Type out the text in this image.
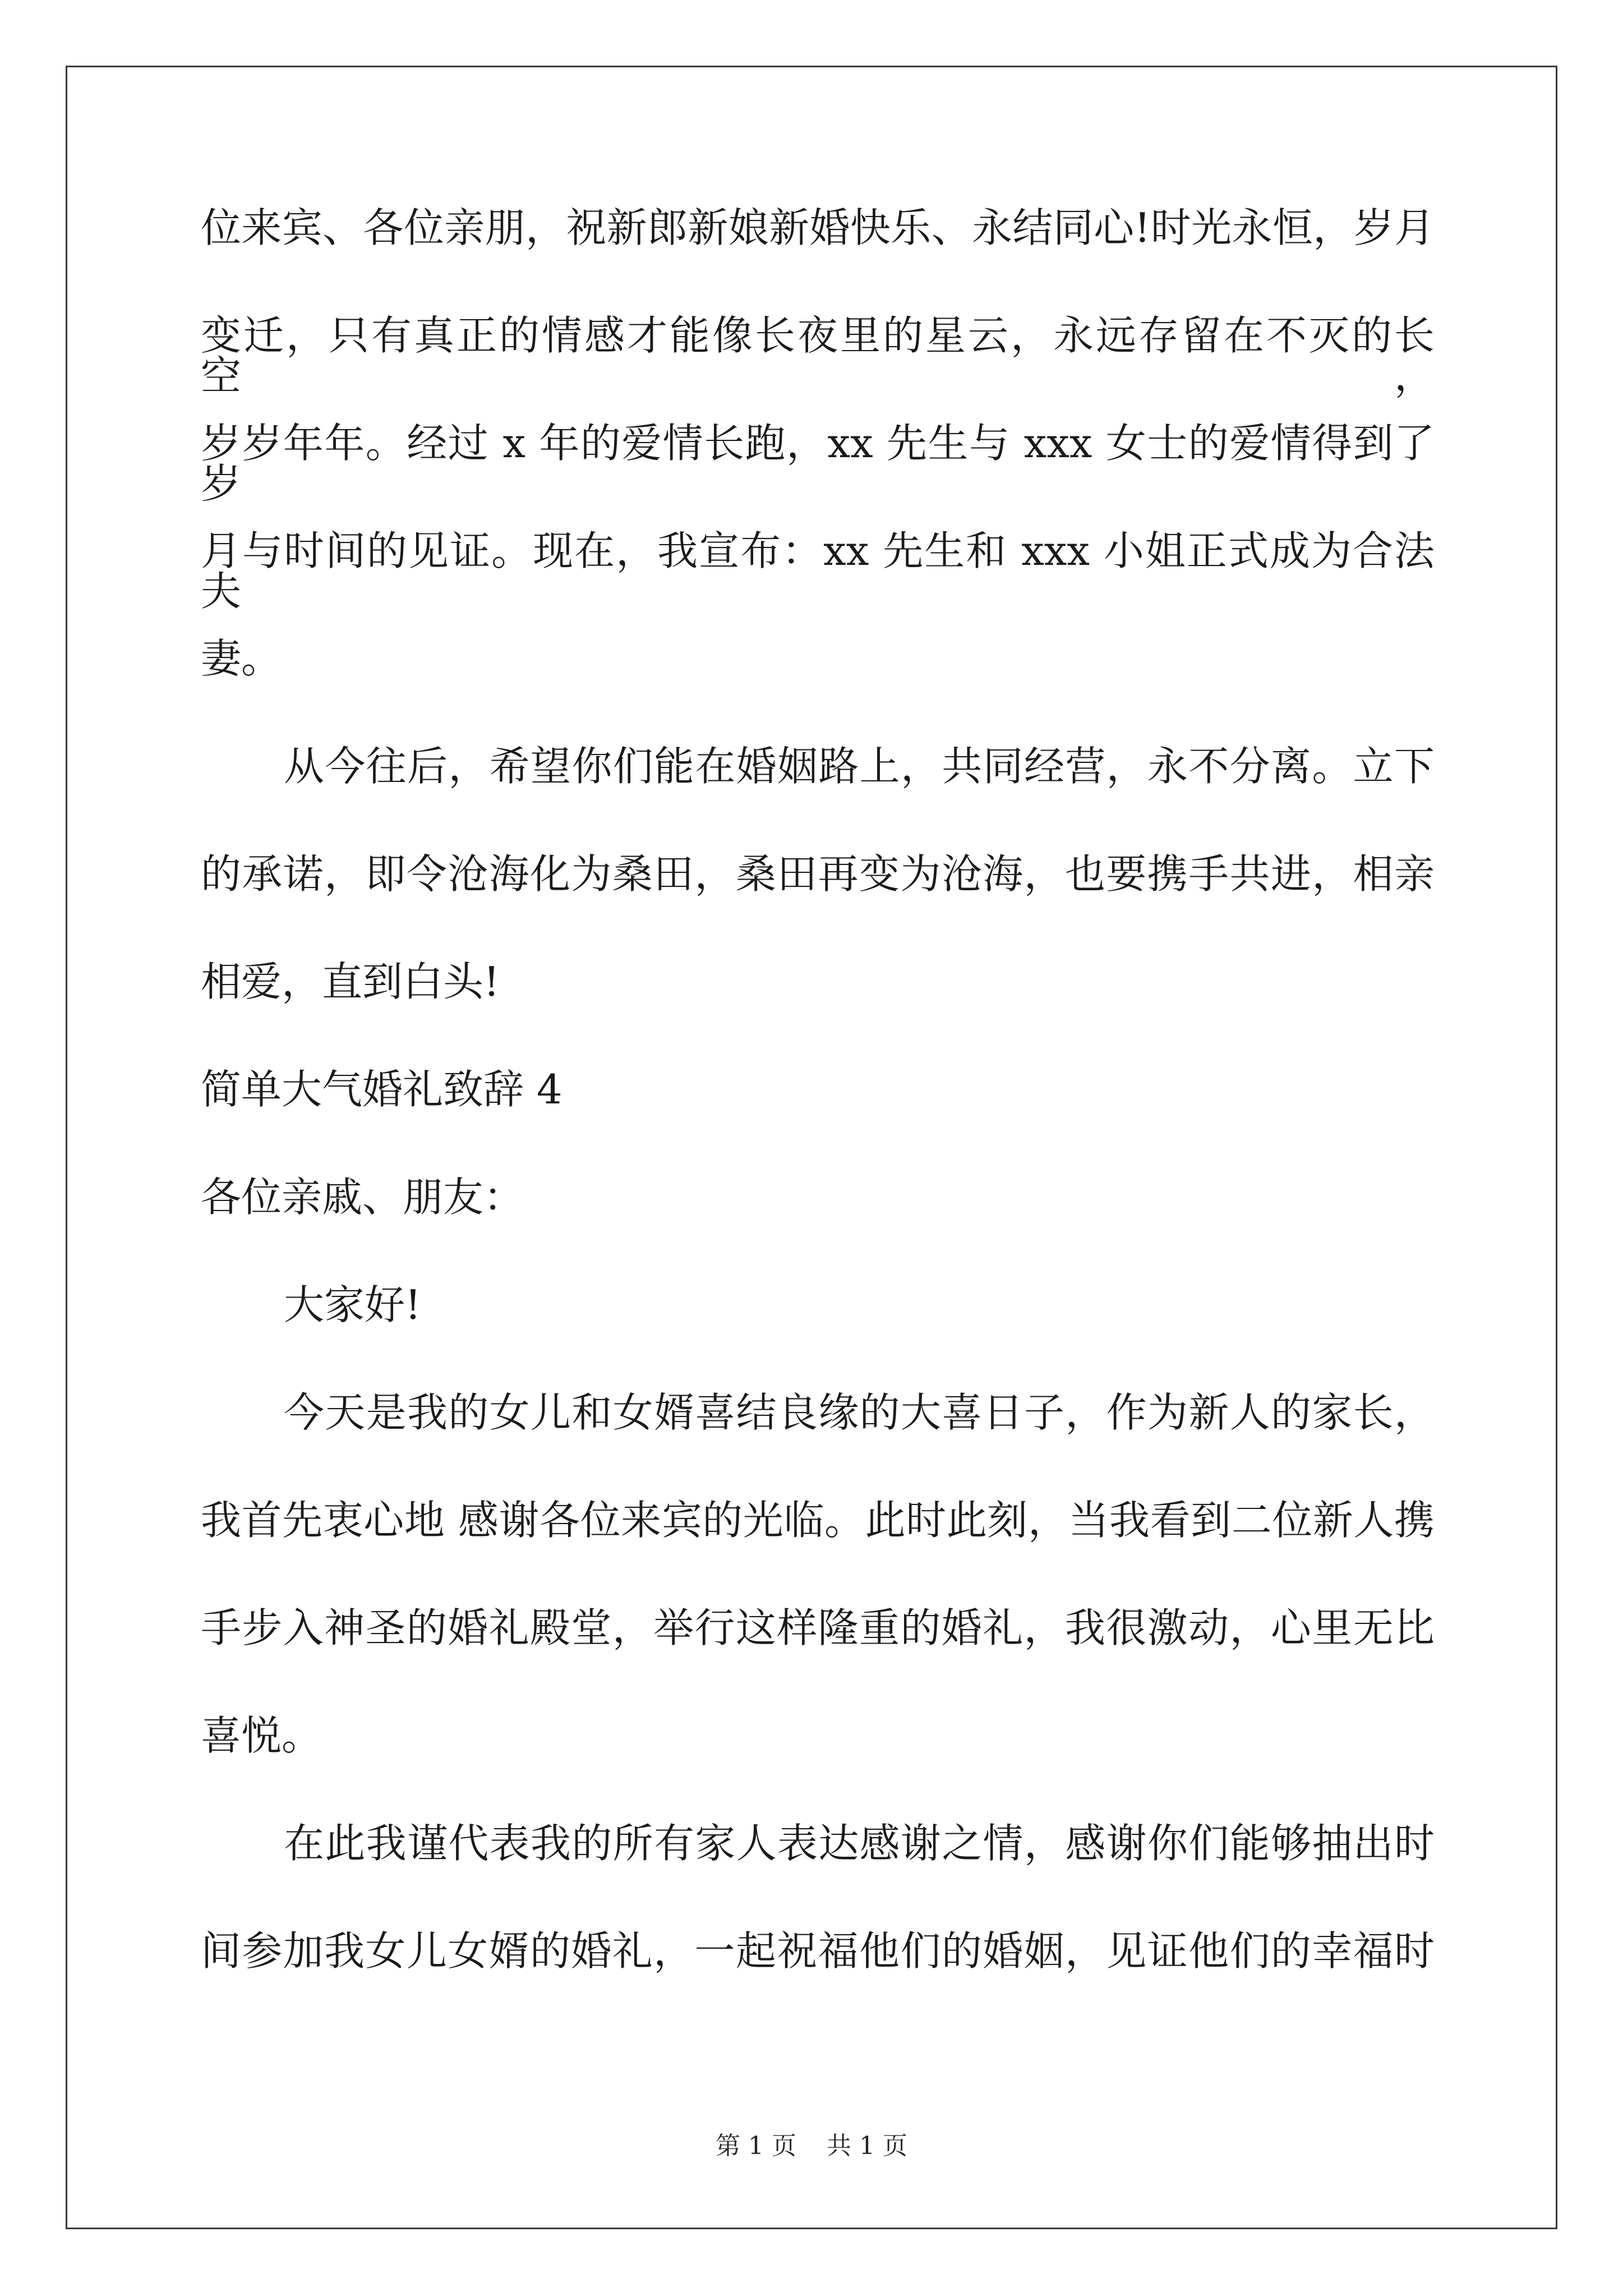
位来宾、各位亲朋，祝新郎新娘新婚快乐、永结同心!时光永恒，岁月
变迁，只有真正的情感才能像长夜里的星云，永远存留在不灭的长空，
岁岁年年。经过 x 年的爱情长跑，xx 先生与 xxx 女士的爱情得到了岁
月与时间的见证。现在，我宣布：xx 先生和 xxx 小姐正式成为合法夫
妻。
从今往后，希望你们能在婚姻路上，共同经营，永不分离。立下
的承诺，即令沧海化为桑田，桑田再变为沧海，也要携手共进，相亲
相爱，直到白头!
简单大气婚礼致辞 4
各位亲戚、朋友：
大家好!
今天是我的女儿和女婿喜结良缘的大喜日子，作为新人的家长，
我首先衷心地 感谢各位来宾的光临。此时此刻，当我看到二位新人携
手步入神圣的婚礼殿堂，举行这样隆重的婚礼，我很激动，心里无比
喜悦。
在此我谨代表我的所有家人表达感谢之情，感谢你们能够抽出时
间参加我女儿女婿的婚礼，一起祝福他们的婚姻，见证他们的幸福时
第 1 页 共 1 页
